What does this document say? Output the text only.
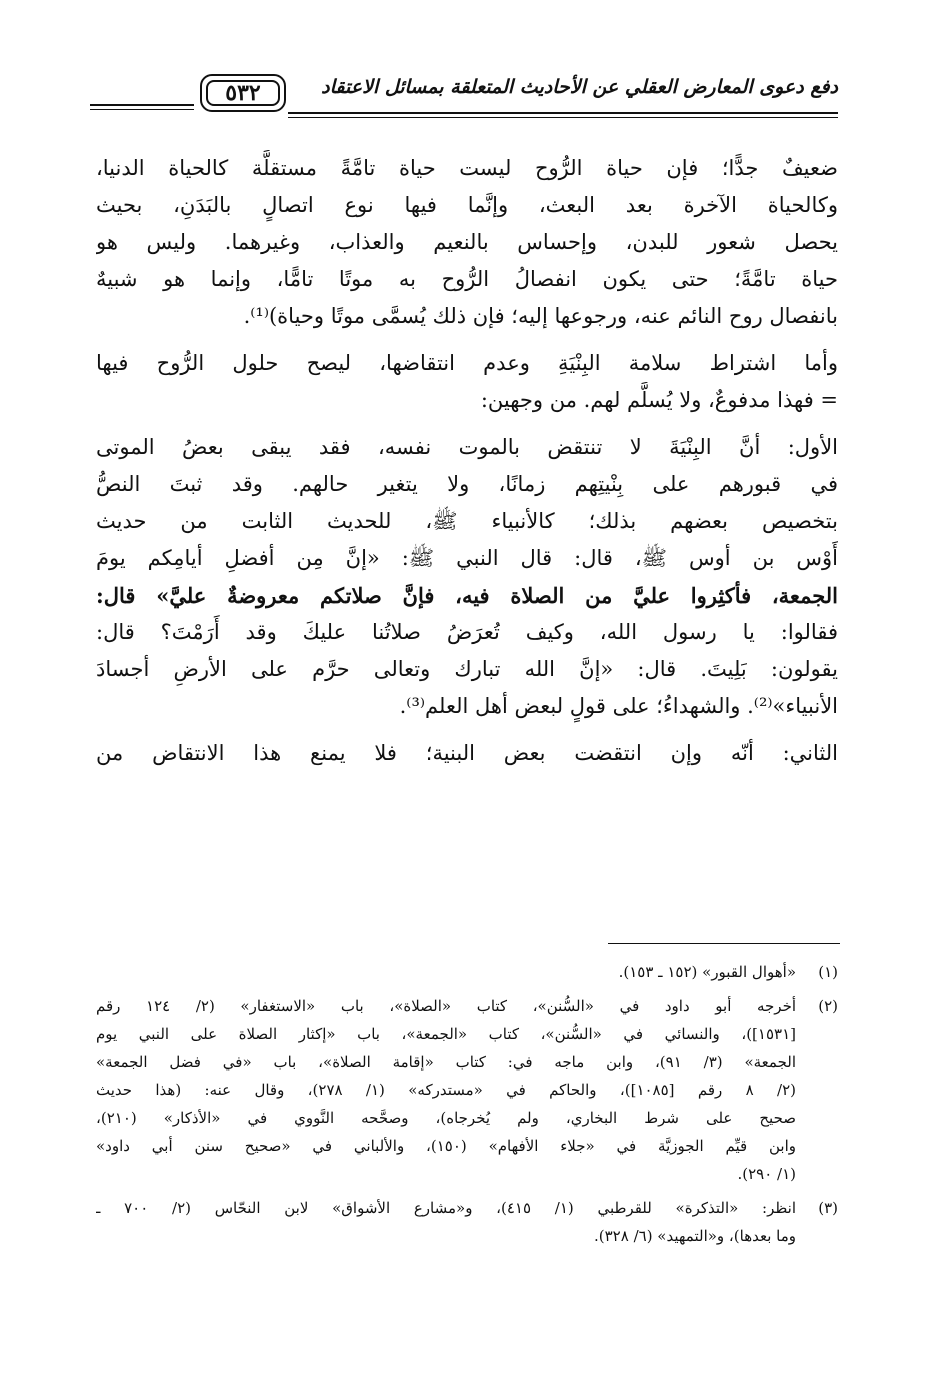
دفع دعوى المعارض العقلي عن الأحاديث المتعلقة بمسائل الاعتقاد
٥٣٢
ضعيفٌ جدًّا؛ فإن حياة الرُّوح ليست حياة تامَّةً مستقلَّة كالحياة الدنيا،
وكالحياة الآخرة بعد البعث، وإنَّما فيها نوع اتصالٍ بالبَدَنِ، بحيث
يحصل شعور للبدن، وإحساس بالنعيم والعذاب، وغيرهما. وليس هو
حياة تامَّةً؛ حتى يكون انفصالُ الرُّوح به موتًا تامًّا، وإنما هو شبيهٌ
بانفصال روح النائم عنه، ورجوعها إليه؛ فإن ذلك يُسمَّى موتًا وحياة)⁽¹⁾.
وأما اشتراط سلامة البِنْيَةِ وعدم انتقاضها، ليصح حلول الرُّوح فيها
= فهذا مدفوعٌ، ولا يُسلَّم لهم. من وجهين:
الأول: أنَّ البِنْيَةَ لا تنتقض بالموت نفسه، فقد يبقى بعضُ الموتى
في قبورهم على بِنْيتِهم زمانًا، ولا يتغير حالهم. وقد ثبتَ النصُّ
بتخصيص بعضهم بذلك؛ كالأنبياء ﷺ، للحديث الثابت من حديث
أَوْس بن أوس ﷺ، قال: قال النبي ﷺ: «إنَّ مِن أفضلِ أيامِكم يومَ
الجمعة، فأكثِروا عليَّ من الصلاة فيه، فإنَّ صلاتكم معروضةٌ عليَّ» قال:
فقالوا: يا رسول الله، وكيف تُعرَضُ صلاتُنا عليكَ وقد أَرَمْتَ؟ قال:
يقولون: بَلِيتَ. قال: «إنَّ الله تبارك وتعالى حرَّم على الأرضِ أجسادَ
الأنبياء»⁽²⁾. والشهداءُ؛ على قولٍ لبعض أهل العلم⁽³⁾.
الثاني: أنّه وإن انتقضت بعض البنية؛ فلا يمنع هذا الانتقاض من
(١)
«أهوال القبور» (١٥٢ ـ ١٥٣).
(٢)
أخرجه أبو داود في «السُّنن»، كتاب «الصلاة»، باب «الاستغفار» (٢/ ١٢٤ رقم
[١٥٣١])، والنسائي في «السُّنن»، كتاب «الجمعة»، باب «إكثار الصلاة على النبي يوم
الجمعة» (٣/ ٩١)، وابن ماجه في: كتاب «إقامة الصلاة»، باب «في فضل الجمعة»
(٢/ ٨ رقم [١٠٨٥])، والحاكم في «مستدركه» (١/ ٢٧٨)، وقال عنه: (هذا حديث
صحيح على شرط البخاري، ولم يُخرجاه)، وصحَّحه النَّووي في «الأذكار» (٢١٠)،
وابن قيِّم الجوزيَّة في «جلاء الأفهام» (١٥٠)، والألباني في «صحيح سنن أبي داود»
(١/ ٢٩٠).
(٣)
انظر: «التذكرة» للقرطبي (١/ ٤١٥)، و«مشارع الأشواق» لابن النحّاس (٢/ ٧٠٠ ـ
وما بعدها)، و«التمهيد» (٦/ ٣٢٨).
